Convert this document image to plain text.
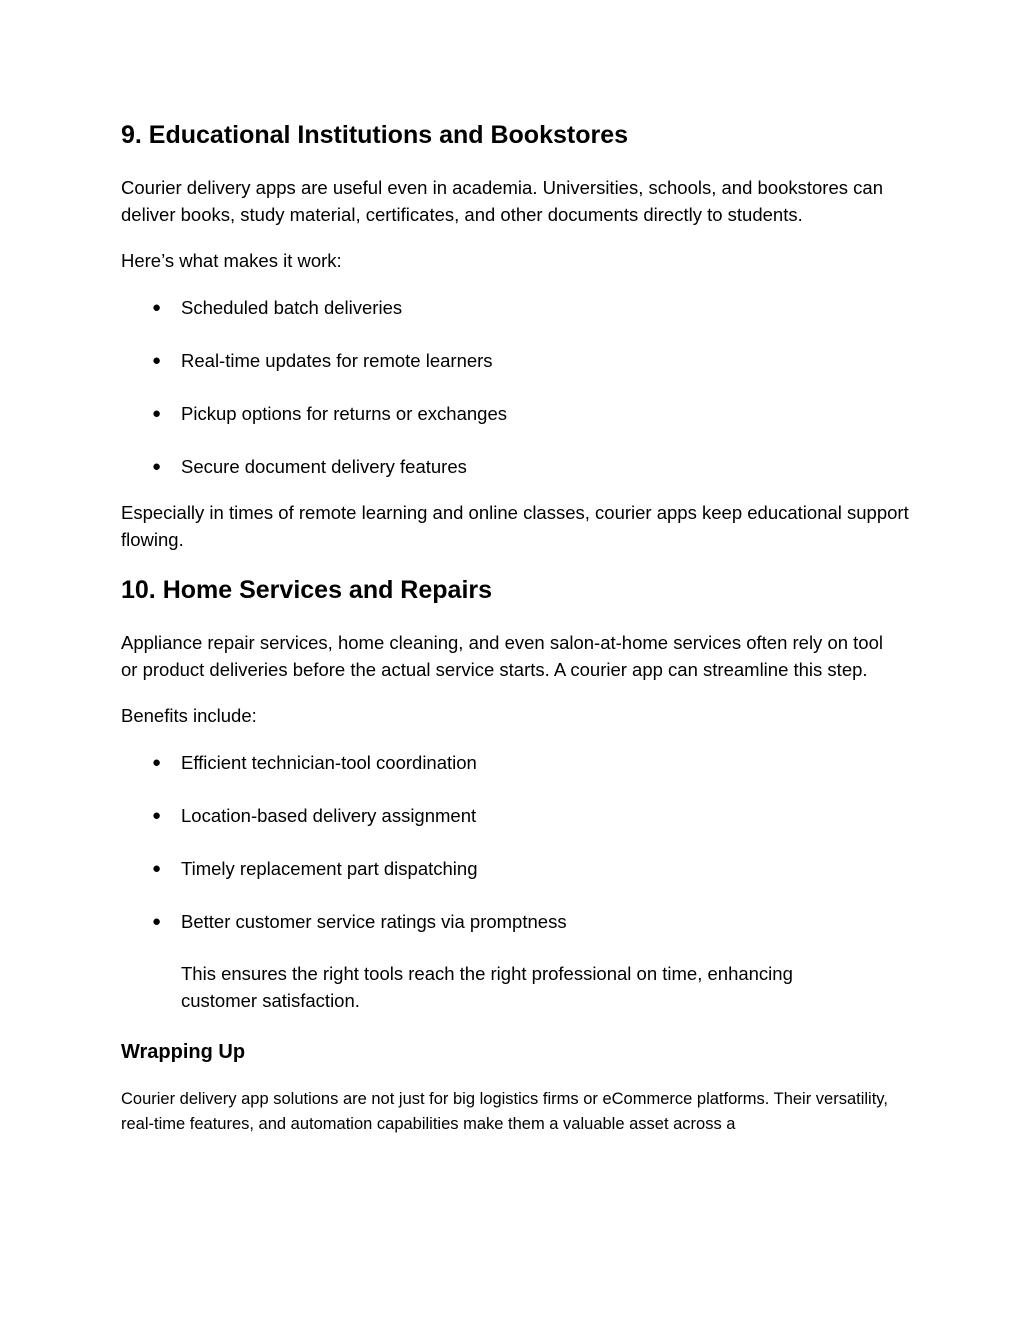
9. Educational Institutions and Bookstores

Courier delivery apps are useful even in academia. Universities, schools, and bookstores can deliver books, study material, certificates, and other documents directly to students.

Here’s what makes it work:

● Scheduled batch deliveries
● Real-time updates for remote learners
● Pickup options for returns or exchanges
● Secure document delivery features

Especially in times of remote learning and online classes, courier apps keep educational support flowing.

10. Home Services and Repairs

Appliance repair services, home cleaning, and even salon-at-home services often rely on tool or product deliveries before the actual service starts. A courier app can streamline this step.

Benefits include:

● Efficient technician-tool coordination
● Location-based delivery assignment
● Timely replacement part dispatching
● Better customer service ratings via promptness

This ensures the right tools reach the right professional on time, enhancing customer satisfaction.

Wrapping Up

Courier delivery app solutions are not just for big logistics firms or eCommerce platforms. Their versatility, real-time features, and automation capabilities make them a valuable asset across a
